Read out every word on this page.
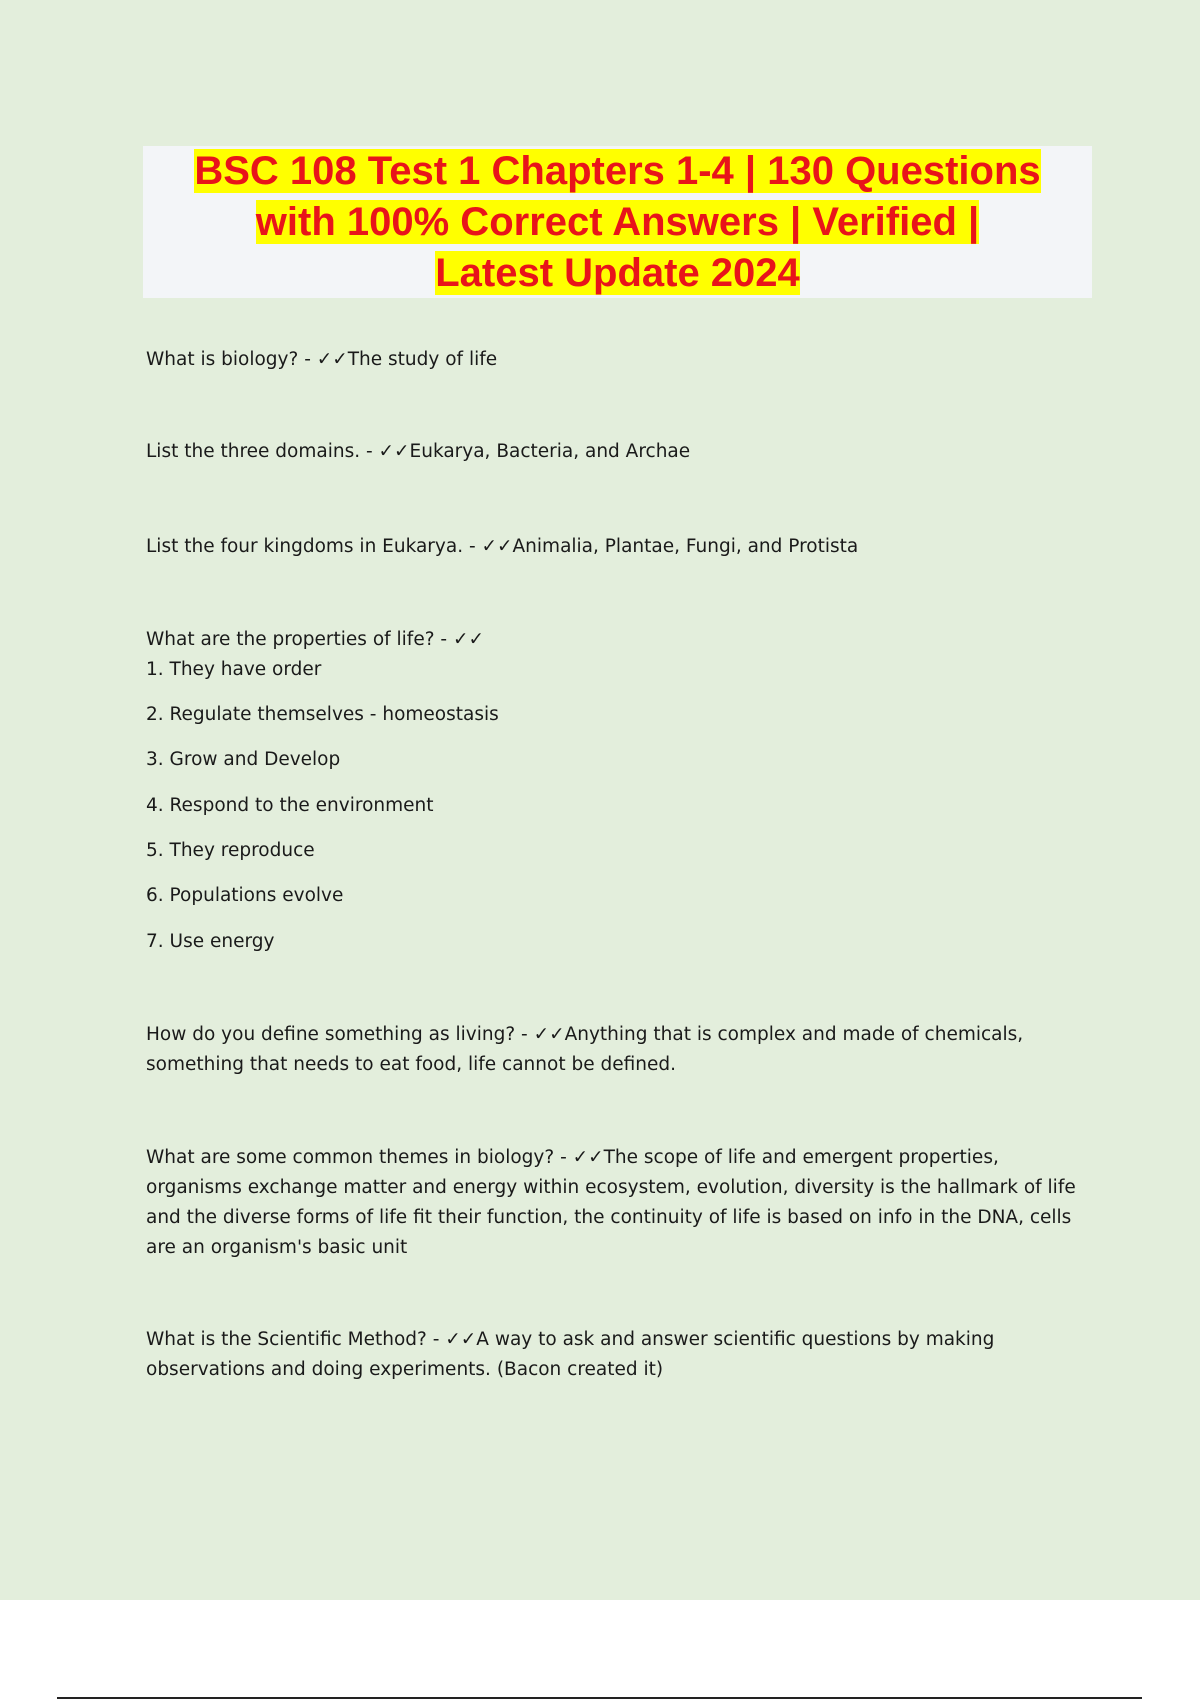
BSC 108 Test 1 Chapters 1-4 | 130 Questions
with 100% Correct Answers | Verified |
Latest Update 2024

What is biology? - ✓✓The study of life

List the three domains. - ✓✓Eukarya, Bacteria, and Archae

List the four kingdoms in Eukarya. - ✓✓Animalia, Plantae, Fungi, and Protista

What are the properties of life? - ✓✓

1. They have order
2. Regulate themselves - homeostasis
3. Grow and Develop
4. Respond to the environment
5. They reproduce
6. Populations evolve
7. Use energy

How do you define something as living? - ✓✓Anything that is complex and made of chemicals, something that needs to eat food, life cannot be defined.

What are some common themes in biology? - ✓✓The scope of life and emergent properties, organisms exchange matter and energy within ecosystem, evolution, diversity is the hallmark of life and the diverse forms of life fit their function, the continuity of life is based on info in the DNA, cells are an organism's basic unit

What is the Scientific Method? - ✓✓A way to ask and answer scientific questions by making observations and doing experiments. (Bacon created it)
